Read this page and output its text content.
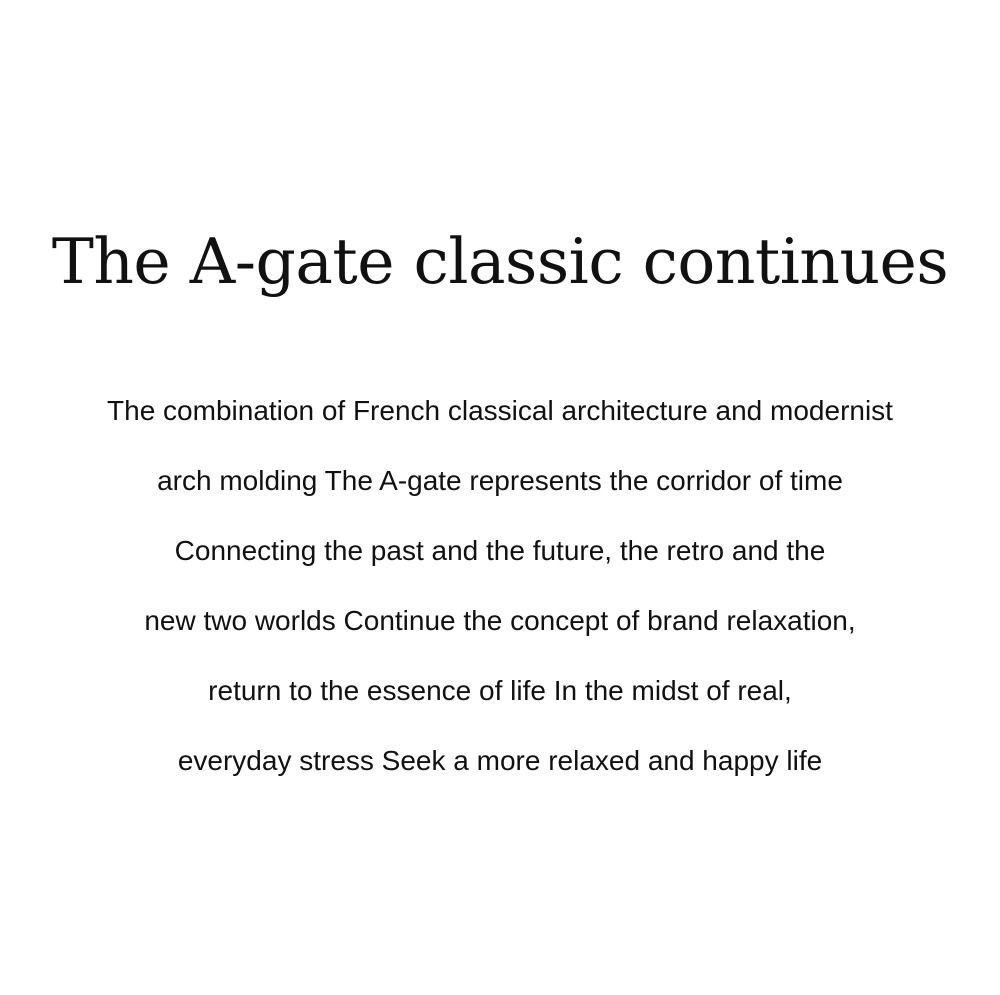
The A-gate classic continues
The combination of French classical architecture and modernist
arch molding The A-gate represents the corridor of time
Connecting the past and the future, the retro and the
new two worlds Continue the concept of brand relaxation,
return to the essence of life In the midst of real,
everyday stress Seek a more relaxed and happy life
